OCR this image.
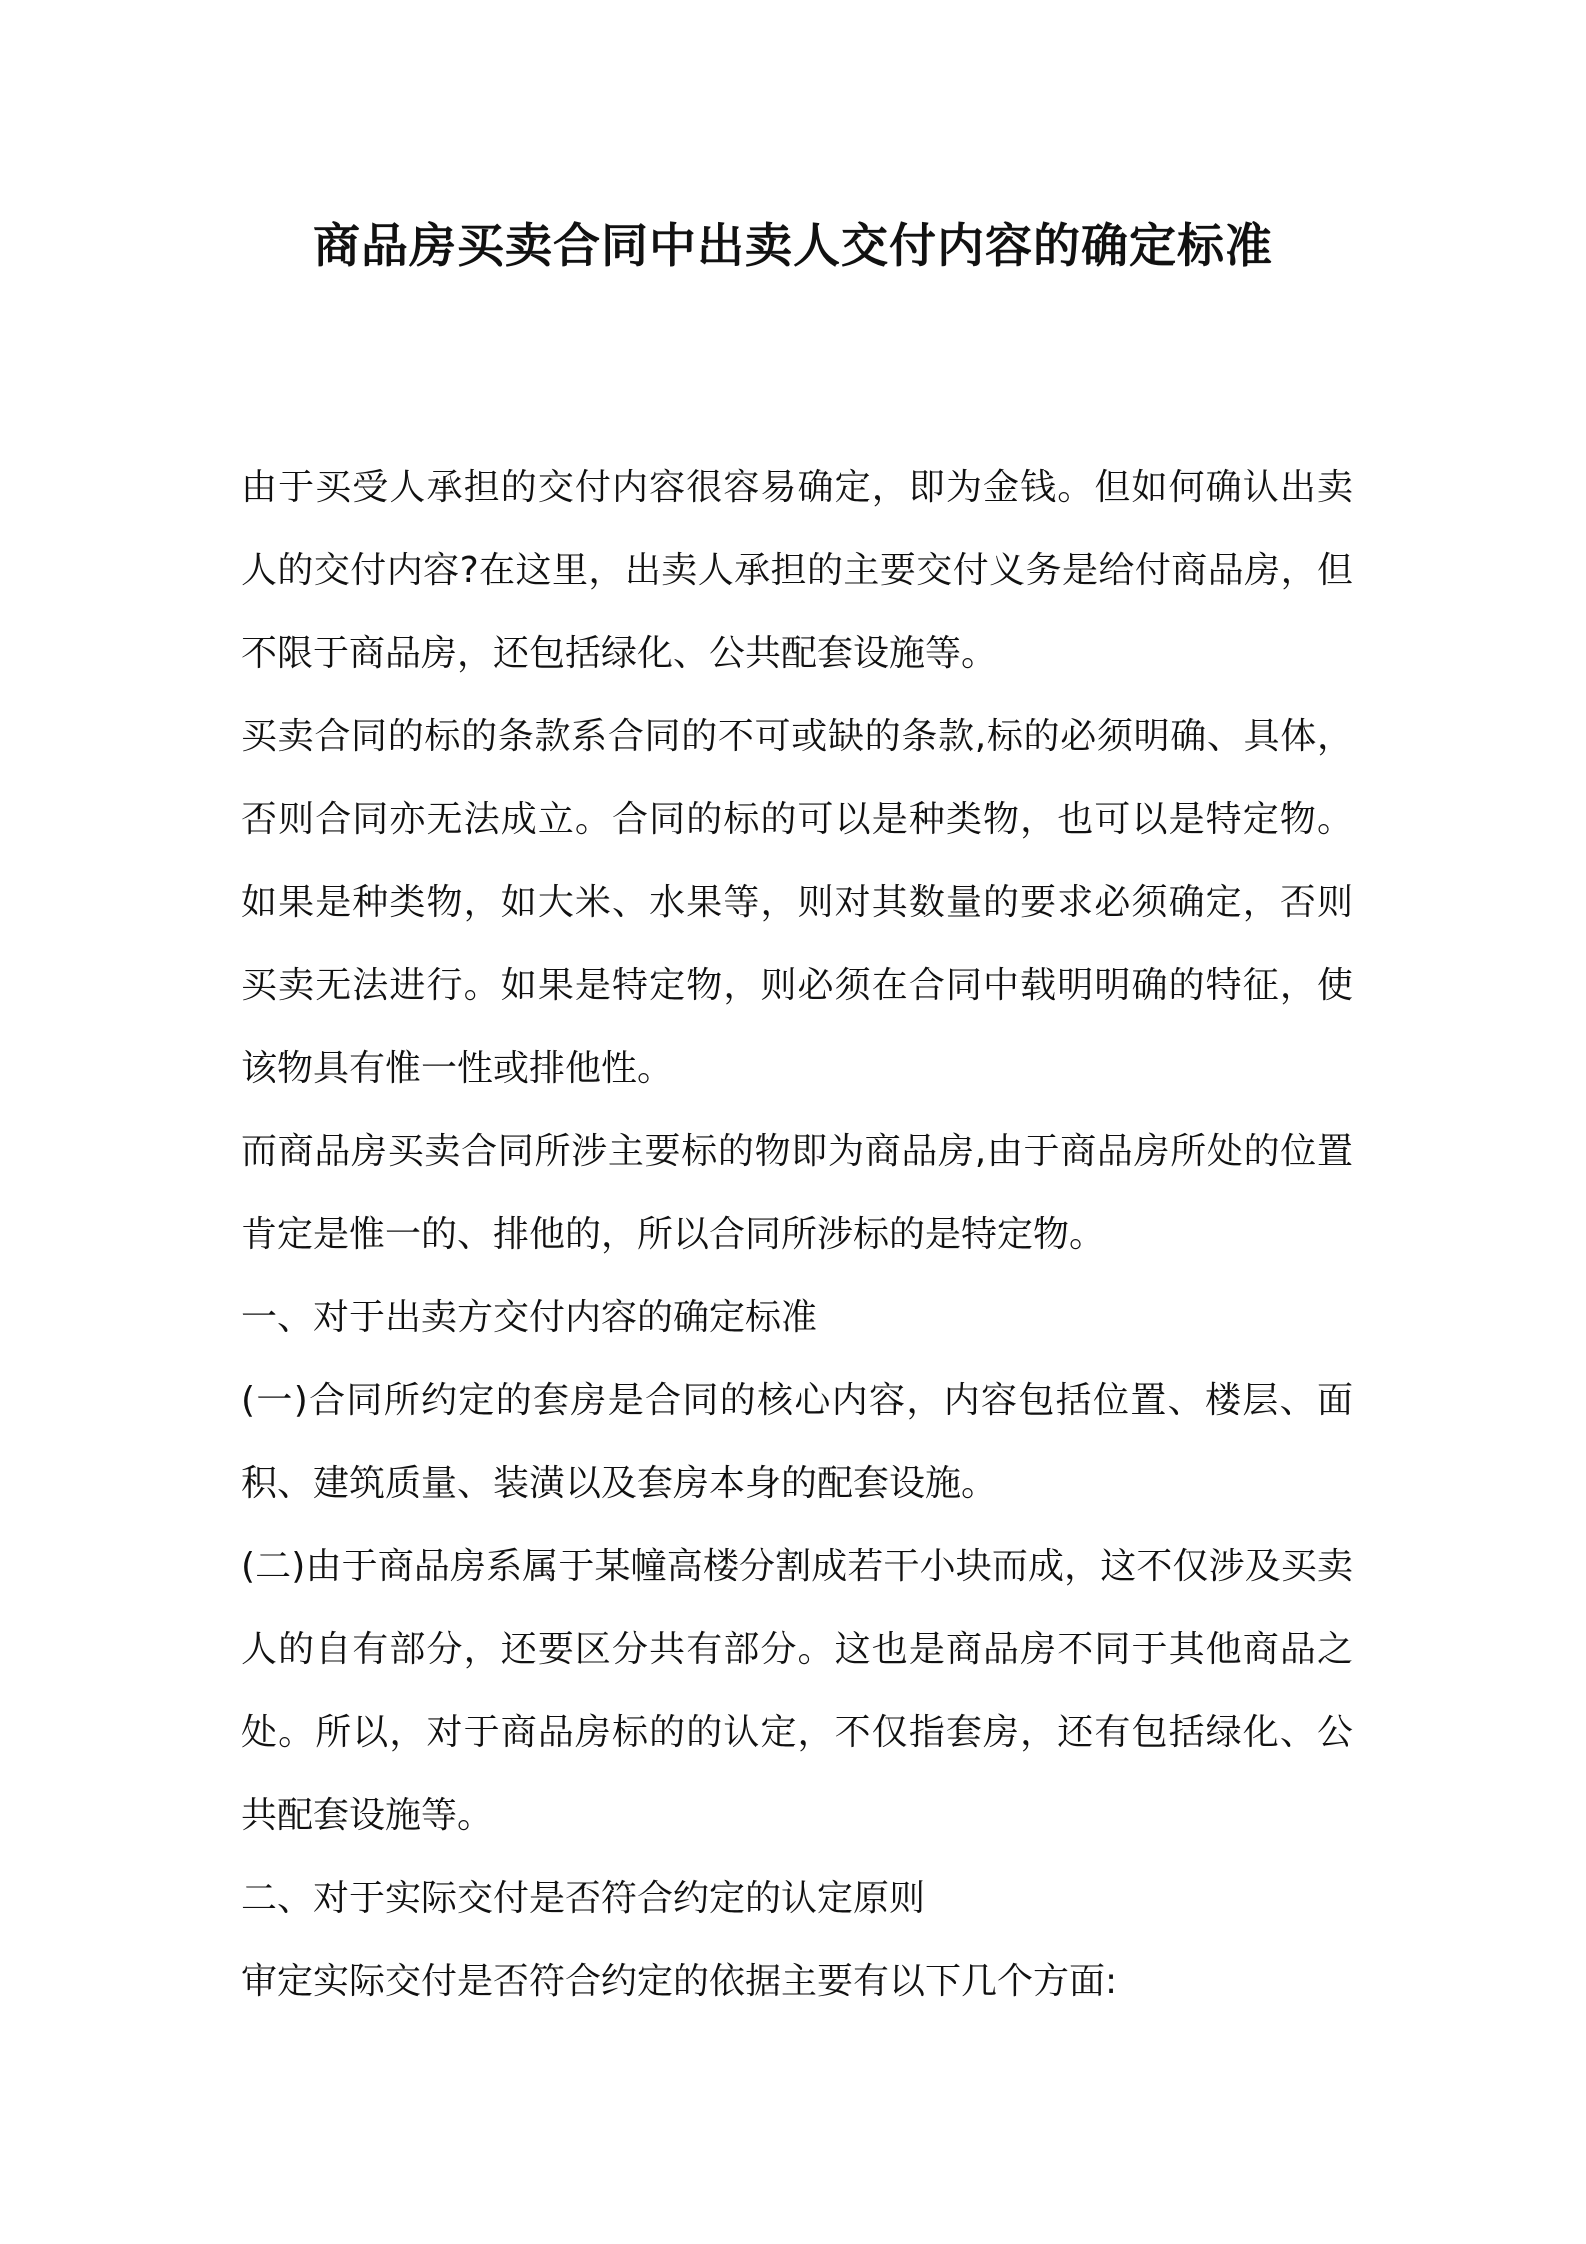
商品房买卖合同中出卖人交付内容的确定标准

由于买受人承担的交付内容很容易确定，即为金钱。但如何确认出卖人的交付内容?在这里，出卖人承担的主要交付义务是给付商品房，但不限于商品房，还包括绿化、公共配套设施等。

买卖合同的标的条款系合同的不可或缺的条款,标的必须明确、具体，否则合同亦无法成立。合同的标的可以是种类物，也可以是特定物。如果是种类物，如大米、水果等，则对其数量的要求必须确定，否则买卖无法进行。如果是特定物，则必须在合同中载明明确的特征，使该物具有惟一性或排他性。

而商品房买卖合同所涉主要标的物即为商品房,由于商品房所处的位置肯定是惟一的、排他的，所以合同所涉标的是特定物。

一、对于出卖方交付内容的确定标准

(一)合同所约定的套房是合同的核心内容，内容包括位置、楼层、面积、建筑质量、装潢以及套房本身的配套设施。

(二)由于商品房系属于某幢高楼分割成若干小块而成，这不仅涉及买卖人的自有部分，还要区分共有部分。这也是商品房不同于其他商品之处。所以，对于商品房标的的认定，不仅指套房，还有包括绿化、公共配套设施等。

二、对于实际交付是否符合约定的认定原则

审定实际交付是否符合约定的依据主要有以下几个方面:
